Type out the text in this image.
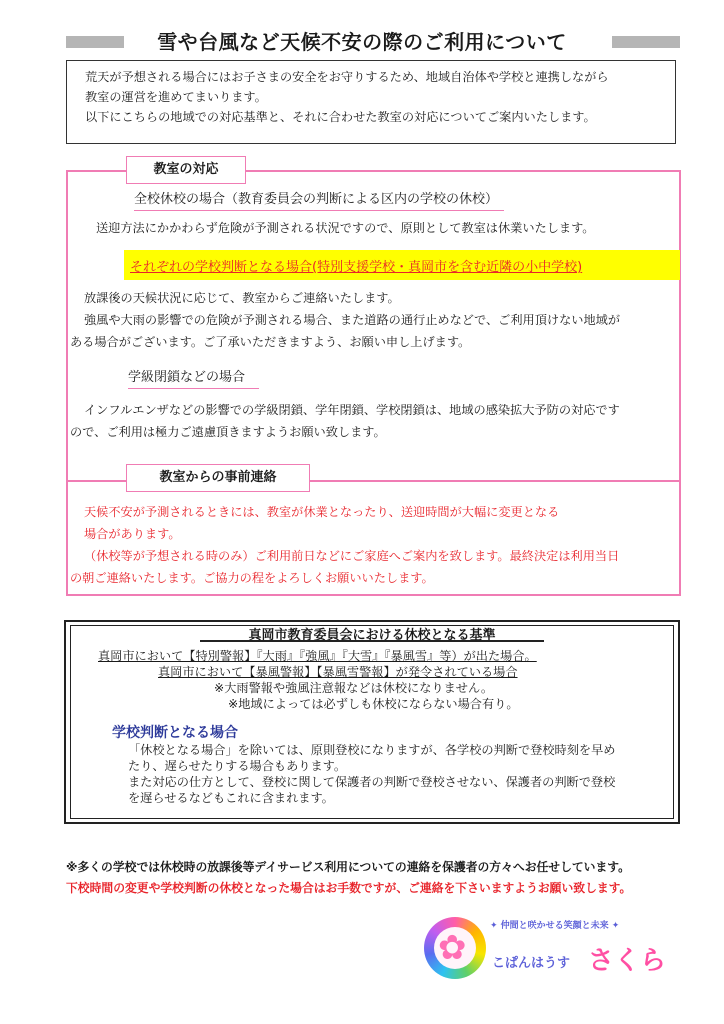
雪や台風など天候不安の際のご利用について

荒天が予想される場合にはお子さまの安全をお守りするため、地域自治体や学校と連携しながら

教室の運営を進めてまいります。

以下にこちらの地域での対応基準と、それに合わせた教室の対応についてご案内いたします。

教室の対応
全校休校の場合（教育委員会の判断による区内の学校の休校）
送迎方法にかかわらず危険が予測される状況ですので、原則として教室は休業いたします。
それぞれの学校判断となる場合(特別支援学校・真岡市を含む近隣の小中学校)
放課後の天候状況に応じて、教室からご連絡いたします。
強風や大雨の影響での危険が予測される場合、また道路の通行止めなどで、ご利用頂けない地域が
ある場合がございます。ご了承いただきますよう、お願い申し上げます。
学級閉鎖などの場合
インフルエンザなどの影響での学級閉鎖、学年閉鎖、学校閉鎖は、地域の感染拡大予防の対応です
ので、ご利用は極力ご遠慮頂きますようお願い致します。
教室からの事前連絡
天候不安が予測されるときには、教室が休業となったり、送迎時間が大幅に変更となる
場合があります。
（休校等が予想される時のみ）ご利用前日などにご家庭へご案内を致します。最終決定は利用当日
の朝ご連絡いたします。ご協力の程をよろしくお願いいたします。
真岡市教育委員会における休校となる基準
真岡市において【特別警報】『大雨』『強風』『大雪』『暴風雪』等）が出た場合。
真岡市において【暴風警報】【暴風雪警報】が発令されている場合
※大雨警報や強風注意報などは休校になりません。
※地域によっては必ずしも休校にならない場合有り。
学校判断となる場合
「休校となる場合」を除いては、原則登校になりますが、各学校の判断で登校時刻を早め
たり、遅らせたりする場合もあります。
また対応の仕方として、登校に関して保護者の判断で登校させない、保護者の判断で登校
を遅らせるなどもこれに含まれます。
※多くの学校では休校時の放課後等デイサービス利用についての連絡を保護者の方々へお任せしています。
下校時間の変更や学校判断の休校となった場合はお手数ですが、ご連絡を下さいますようお願い致します。
✿
✦ 仲間と咲かせる笑顔と未来 ✦
こぱんはうす さくら
